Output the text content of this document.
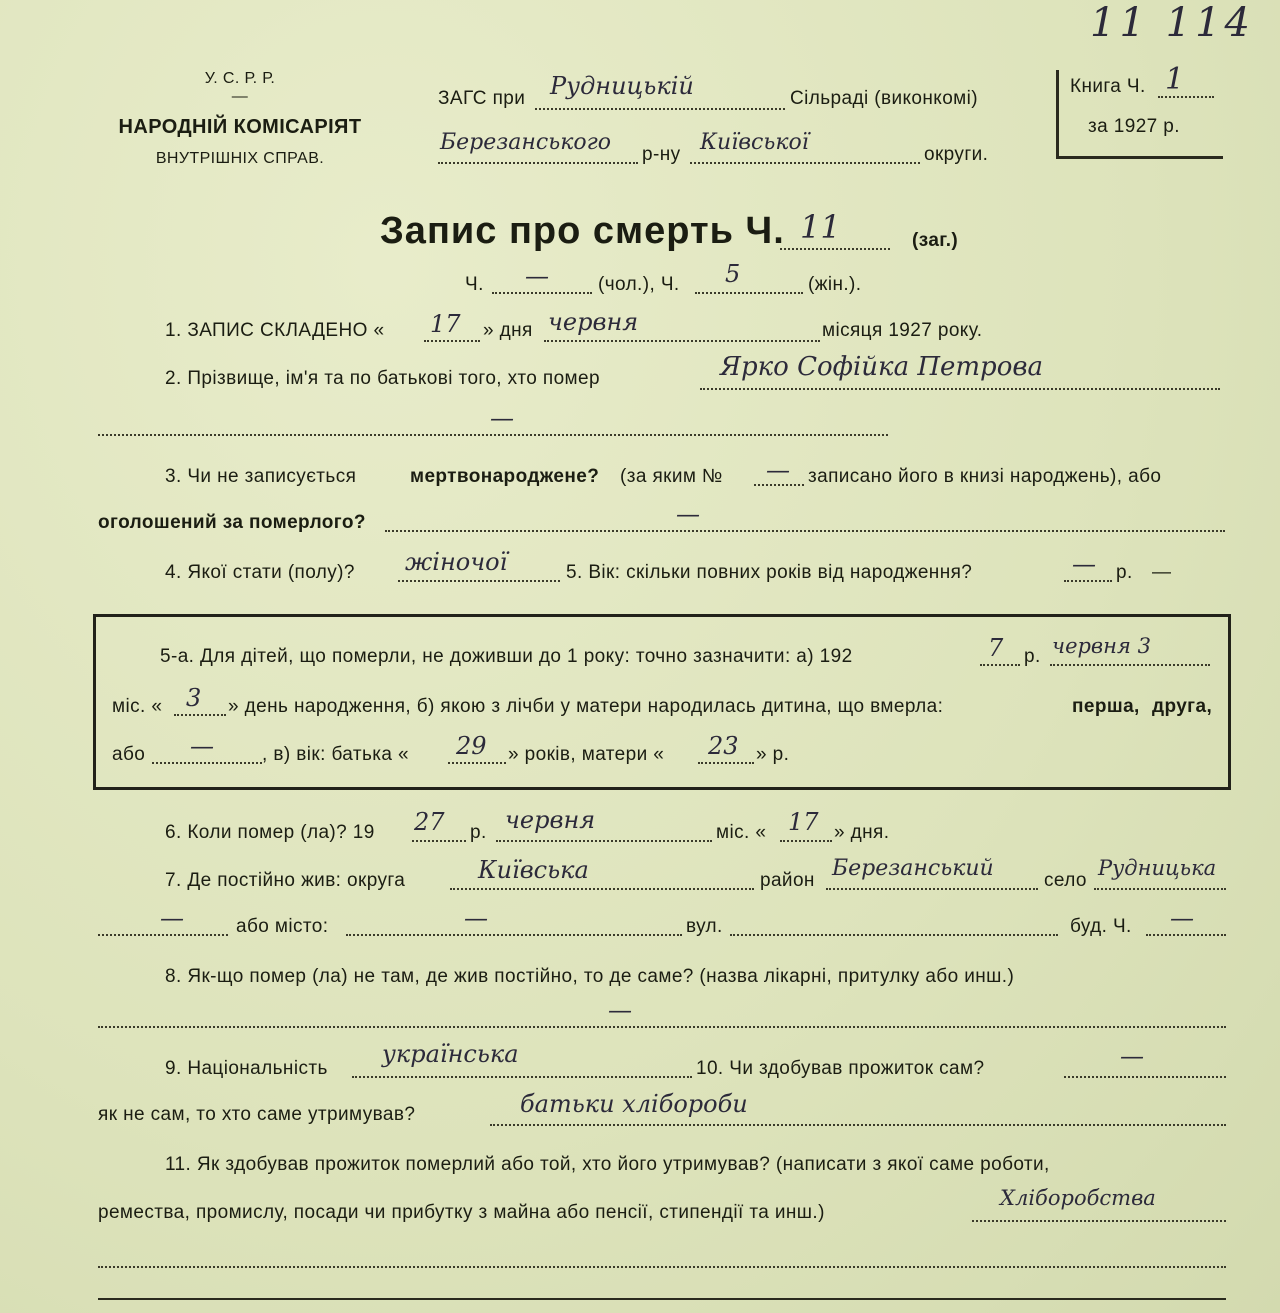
11 114
У. С. Р. Р.
—
НАРОДНІЙ КОМІСАРІЯТ
ВНУТРІШНІХ СПРАВ.
ЗАГС при Рудницькій	Сільраді (виконкомі)
Березанського р-ну Київської	округи.
Книга Ч. 1
за 1927 р.
Запис про смерть Ч. 11	(заг.)
Ч. —	(чол.), Ч. 5	(жін.).
1. ЗАПИС СКЛАДЕНО « 17 » дня червня	місяця 1927 року.
2. Прізвище, ім'я та по батькові того, хто помер	Ярко Софійка Петрова
—
3. Чи не записується	мертвонароджене? (за яким № — записано його в книзі народжень), або
оголошений за померлого?	—
4. Якої стати (полу)? жіночої	5. Вік: скільки повних років від народження?	— р. —
5-а. Для дітей, що померли, не доживши до 1 року: точно зазначити: а) 192	7 р. червня 3
міс. « 3 » день народження, б) якою з лічби у матери народилась дитина, що вмерла:	перша, друга,
або —	, в) вік: батька « 29 » років, матери « 23 » р.
6. Коли помер (ла)? 19 27 р. червня	міс. « 17 » дня.
7. Де постійно жив: округа	Київська	район Березанський	село
Рудницька
—	або місто:	—	вул.	буд. Ч. —
8. Як-що помер (ла) не там, де жив постійно, то де саме? (назва лікарні, притулку або инш.)
—
9. Національність
українська
10. Чи здобував прожиток сам?	—
як не сам, то хто саме утримував?	батьки хлібороби
11. Як здобував прожиток померлий або той, хто його утримував? (написати з якої саме роботи,
ремества, промислу, посади чи прибутку з майна або пенсії, стипендії та инш.)
Хліборобства
